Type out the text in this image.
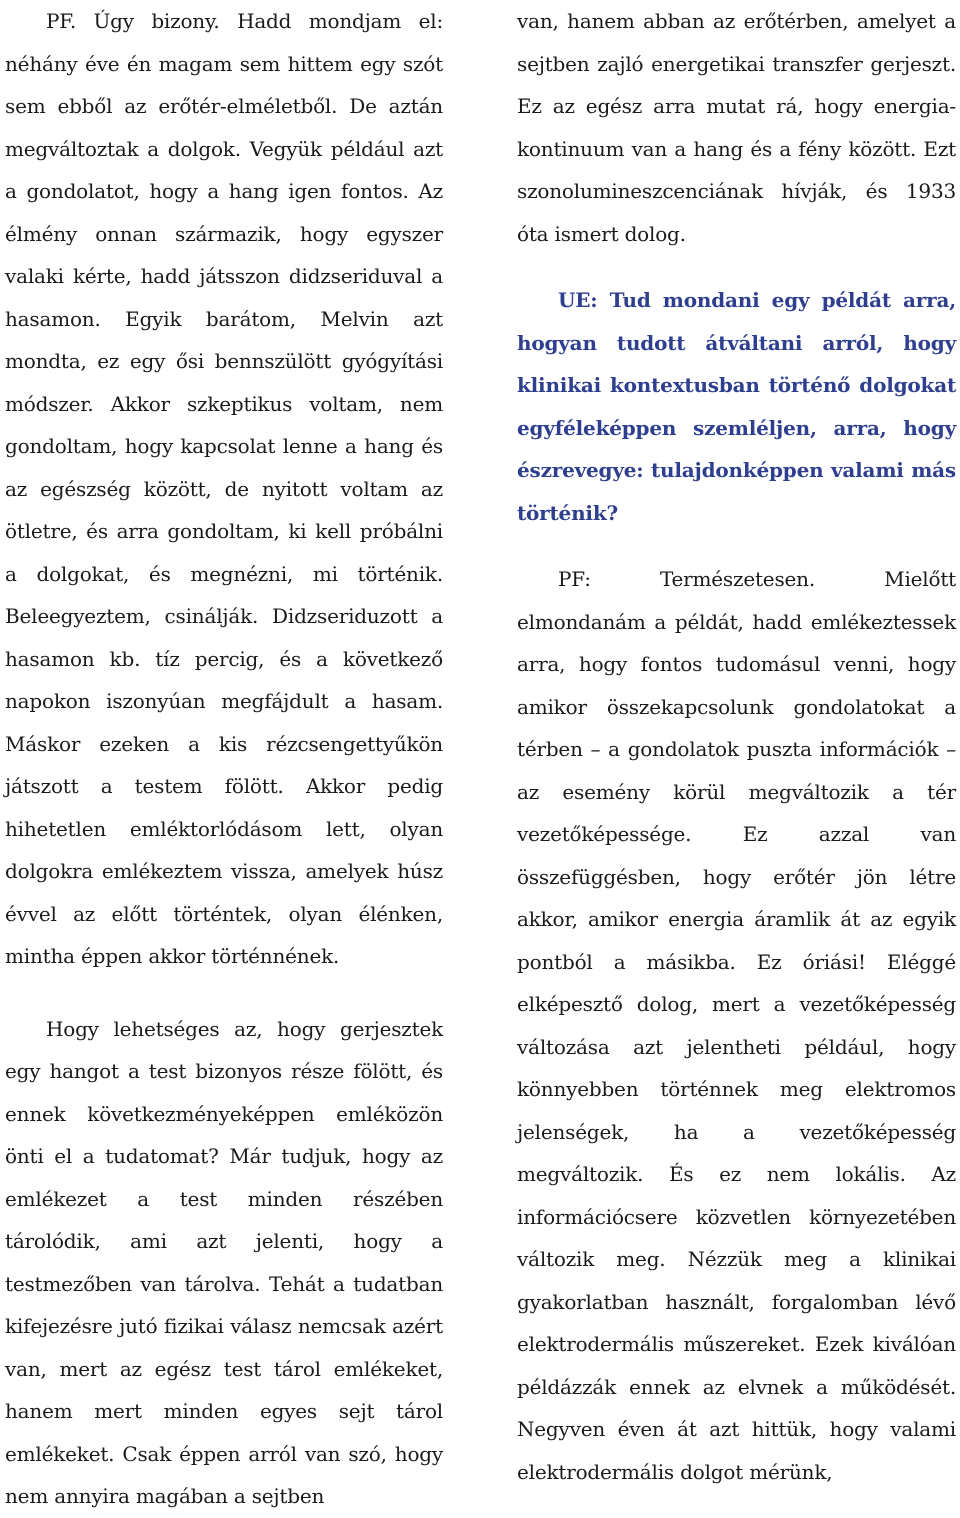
PF. Úgy bizony. Hadd mondjam el: néhány éve én magam sem hittem egy szót sem ebből az erőtér-elméletből. De aztán megváltoztak a dolgok. Vegyük például azt a gondolatot, hogy a hang igen fontos. Az élmény onnan származik, hogy egyszer valaki kérte, hadd játsszon didzseriduval a hasamon. Egyik barátom, Melvin azt mondta, ez egy ősi bennszülött gyógyítási módszer. Akkor szkeptikus voltam, nem gondoltam, hogy kapcsolat lenne a hang és az egészség között, de nyitott voltam az ötletre, és arra gondoltam, ki kell próbálni a dolgokat, és megnézni, mi történik. Beleegyeztem, csinálják. Didzseriduzott a hasamon kb. tíz percig, és a következő napokon iszonyúan megfájdult a hasam. Máskor ezeken a kis rézcsengettyűkön játszott a testem fölött. Akkor pedig hihetetlen emléktorlódásom lett, olyan dolgokra emlékeztem vissza, amelyek húsz évvel az előtt történtek, olyan élénken, mintha éppen akkor történnének.

Hogy lehetséges az, hogy gerjesztek egy hangot a test bizonyos része fölött, és ennek következményeképpen emléközön önti el a tudatomat? Már tudjuk, hogy az emlékezet a test minden részében tárolódik, ami azt jelenti, hogy a testmezőben van tárolva. Tehát a tudatban kifejezésre jutó fizikai válasz nemcsak azért van, mert az egész test tárol emlékeket, hanem mert minden egyes sejt tárol emlékeket. Csak éppen arról van szó, hogy nem annyira magában a sejtben

van, hanem abban az erőtérben, amelyet a sejtben zajló energetikai transzfer gerjeszt. Ez az egész arra mutat rá, hogy energia-kontinuum van a hang és a fény között. Ezt szonolumineszcenciának hívják, és 1933 óta ismert dolog.

UE: Tud mondani egy példát arra, hogyan tudott átváltani arról, hogy klinikai kontextusban történő dolgokat egyféleképpen szemléljen, arra, hogy észrevegye: tulajdonképpen valami más történik?

PF: Természetesen. Mielőtt elmondanám a példát, hadd emlékeztessek arra, hogy fontos tudomásul venni, hogy amikor összekapcsolunk gondolatokat a térben – a gondolatok puszta információk – az esemény körül megváltozik a tér vezetőképessége. Ez azzal van összefüggésben, hogy erőtér jön létre akkor, amikor energia áramlik át az egyik pontból a másikba. Ez óriási! Eléggé elképesztő dolog, mert a vezetőképesség változása azt jelentheti például, hogy könnyebben történnek meg elektromos jelenségek, ha a vezetőképesség megváltozik. És ez nem lokális. Az információcsere közvetlen környezetében változik meg. Nézzük meg a klinikai gyakorlatban használt, forgalomban lévő elektrodermális műszereket. Ezek kiválóan példázzák ennek az elvnek a működését. Negyven éven át azt hittük, hogy valami elektrodermális dolgot mérünk,
